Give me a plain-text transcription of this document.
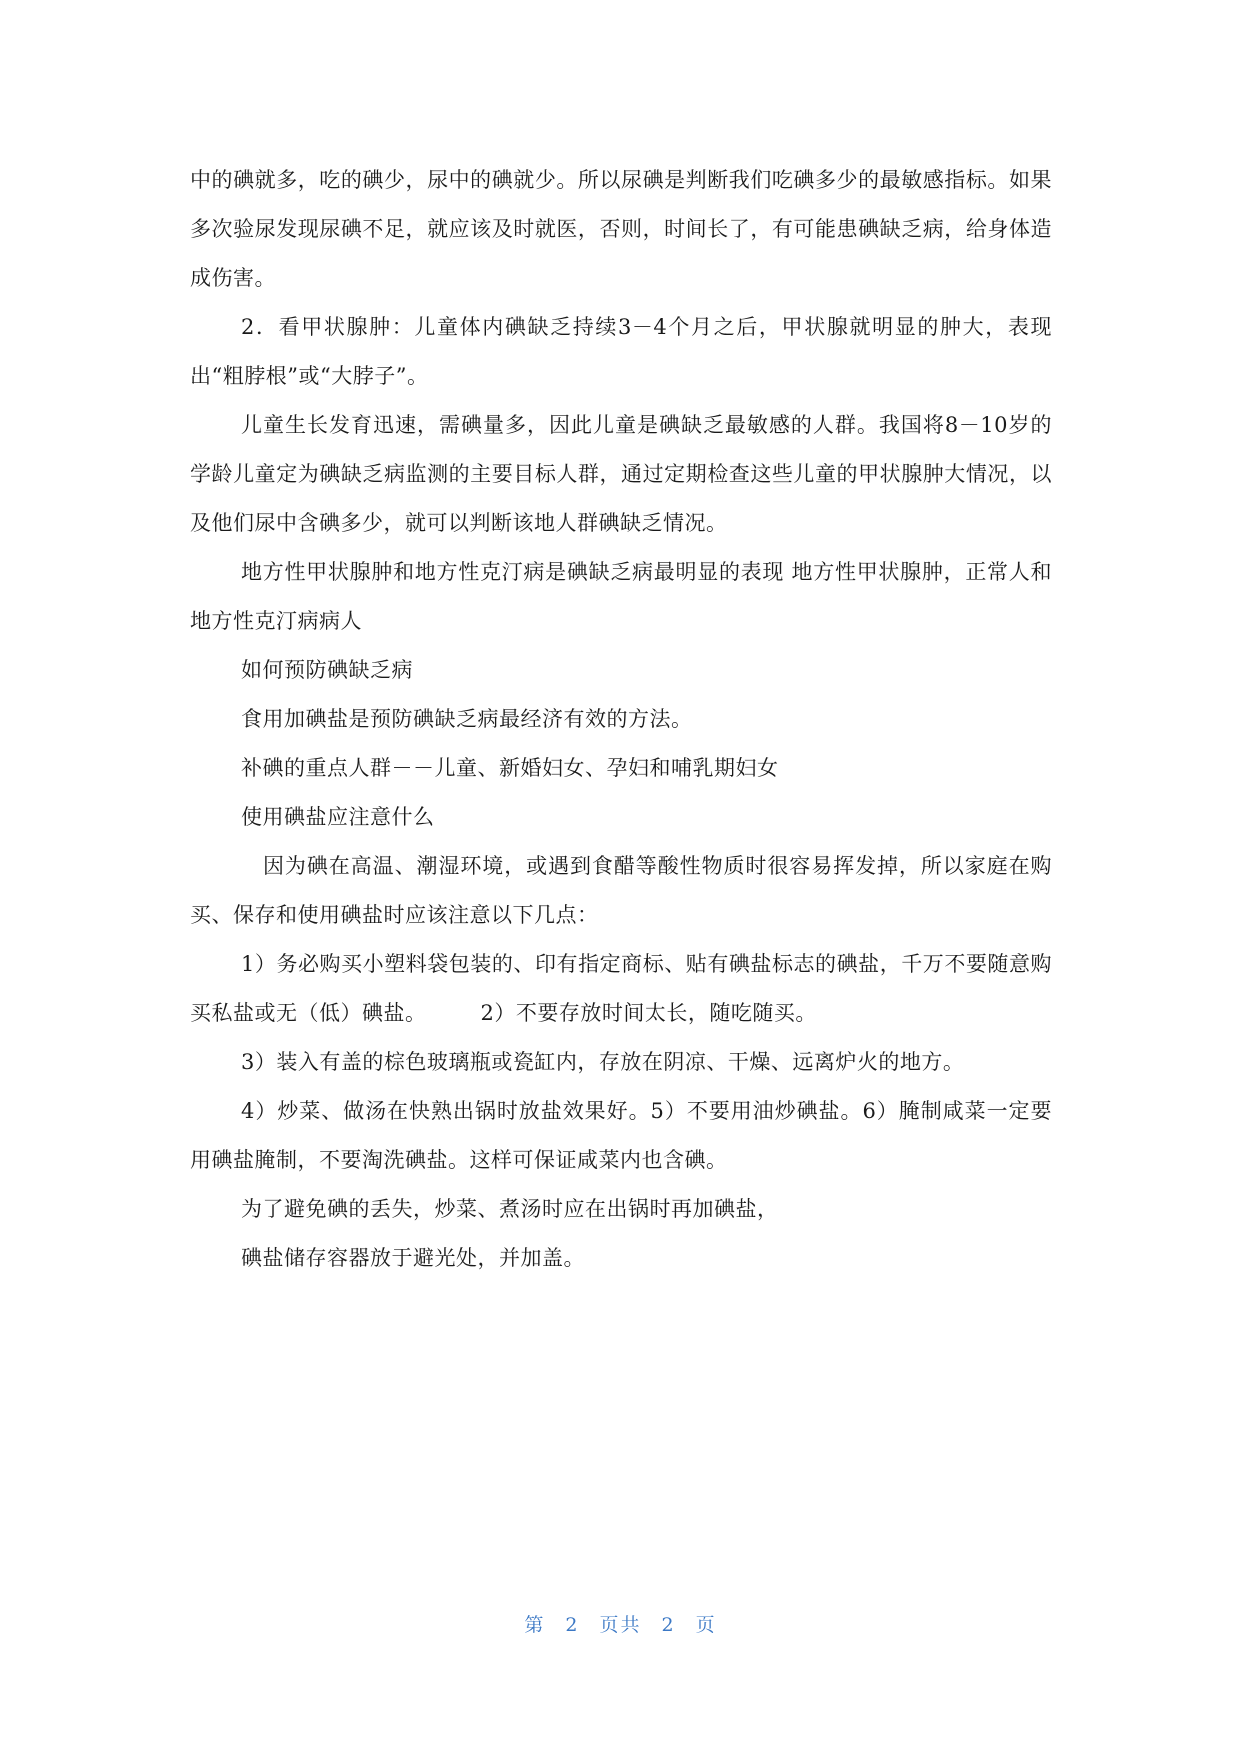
中的碘就多，吃的碘少，尿中的碘就少。所以尿碘是判断我们吃碘多少的最敏感指标。如果多次验尿发现尿碘不足，就应该及时就医，否则，时间长了，有可能患碘缺乏病，给身体造成伤害。

2．看甲状腺肿：儿童体内碘缺乏持续3－4个月之后，甲状腺就明显的肿大，表现出“粗脖根”或“大脖子”。

儿童生长发育迅速，需碘量多，因此儿童是碘缺乏最敏感的人群。我国将8－10岁的学龄儿童定为碘缺乏病监测的主要目标人群，通过定期检查这些儿童的甲状腺肿大情况，以及他们尿中含碘多少，就可以判断该地人群碘缺乏情况。

地方性甲状腺肿和地方性克汀病是碘缺乏病最明显的表现 地方性甲状腺肿，正常人和地方性克汀病病人

如何预防碘缺乏病

食用加碘盐是预防碘缺乏病最经济有效的方法。

补碘的重点人群－－儿童、新婚妇女、孕妇和哺乳期妇女

使用碘盐应注意什么

因为碘在高温、潮湿环境，或遇到食醋等酸性物质时很容易挥发掉，所以家庭在购买、保存和使用碘盐时应该注意以下几点：

1）务必购买小塑料袋包装的、印有指定商标、贴有碘盐标志的碘盐，千万不要随意购买私盐或无（低）碘盐。　　　2）不要存放时间太长，随吃随买。

3）装入有盖的棕色玻璃瓶或瓷缸内，存放在阴凉、干燥、远离炉火的地方。

4）炒菜、做汤在快熟出锅时放盐效果好。5）不要用油炒碘盐。6）腌制咸菜一定要用碘盐腌制，不要淘洗碘盐。这样可保证咸菜内也含碘。

为了避免碘的丢失，炒菜、煮汤时应在出锅时再加碘盐，

碘盐储存容器放于避光处，并加盖。

第 2 页共 2 页
